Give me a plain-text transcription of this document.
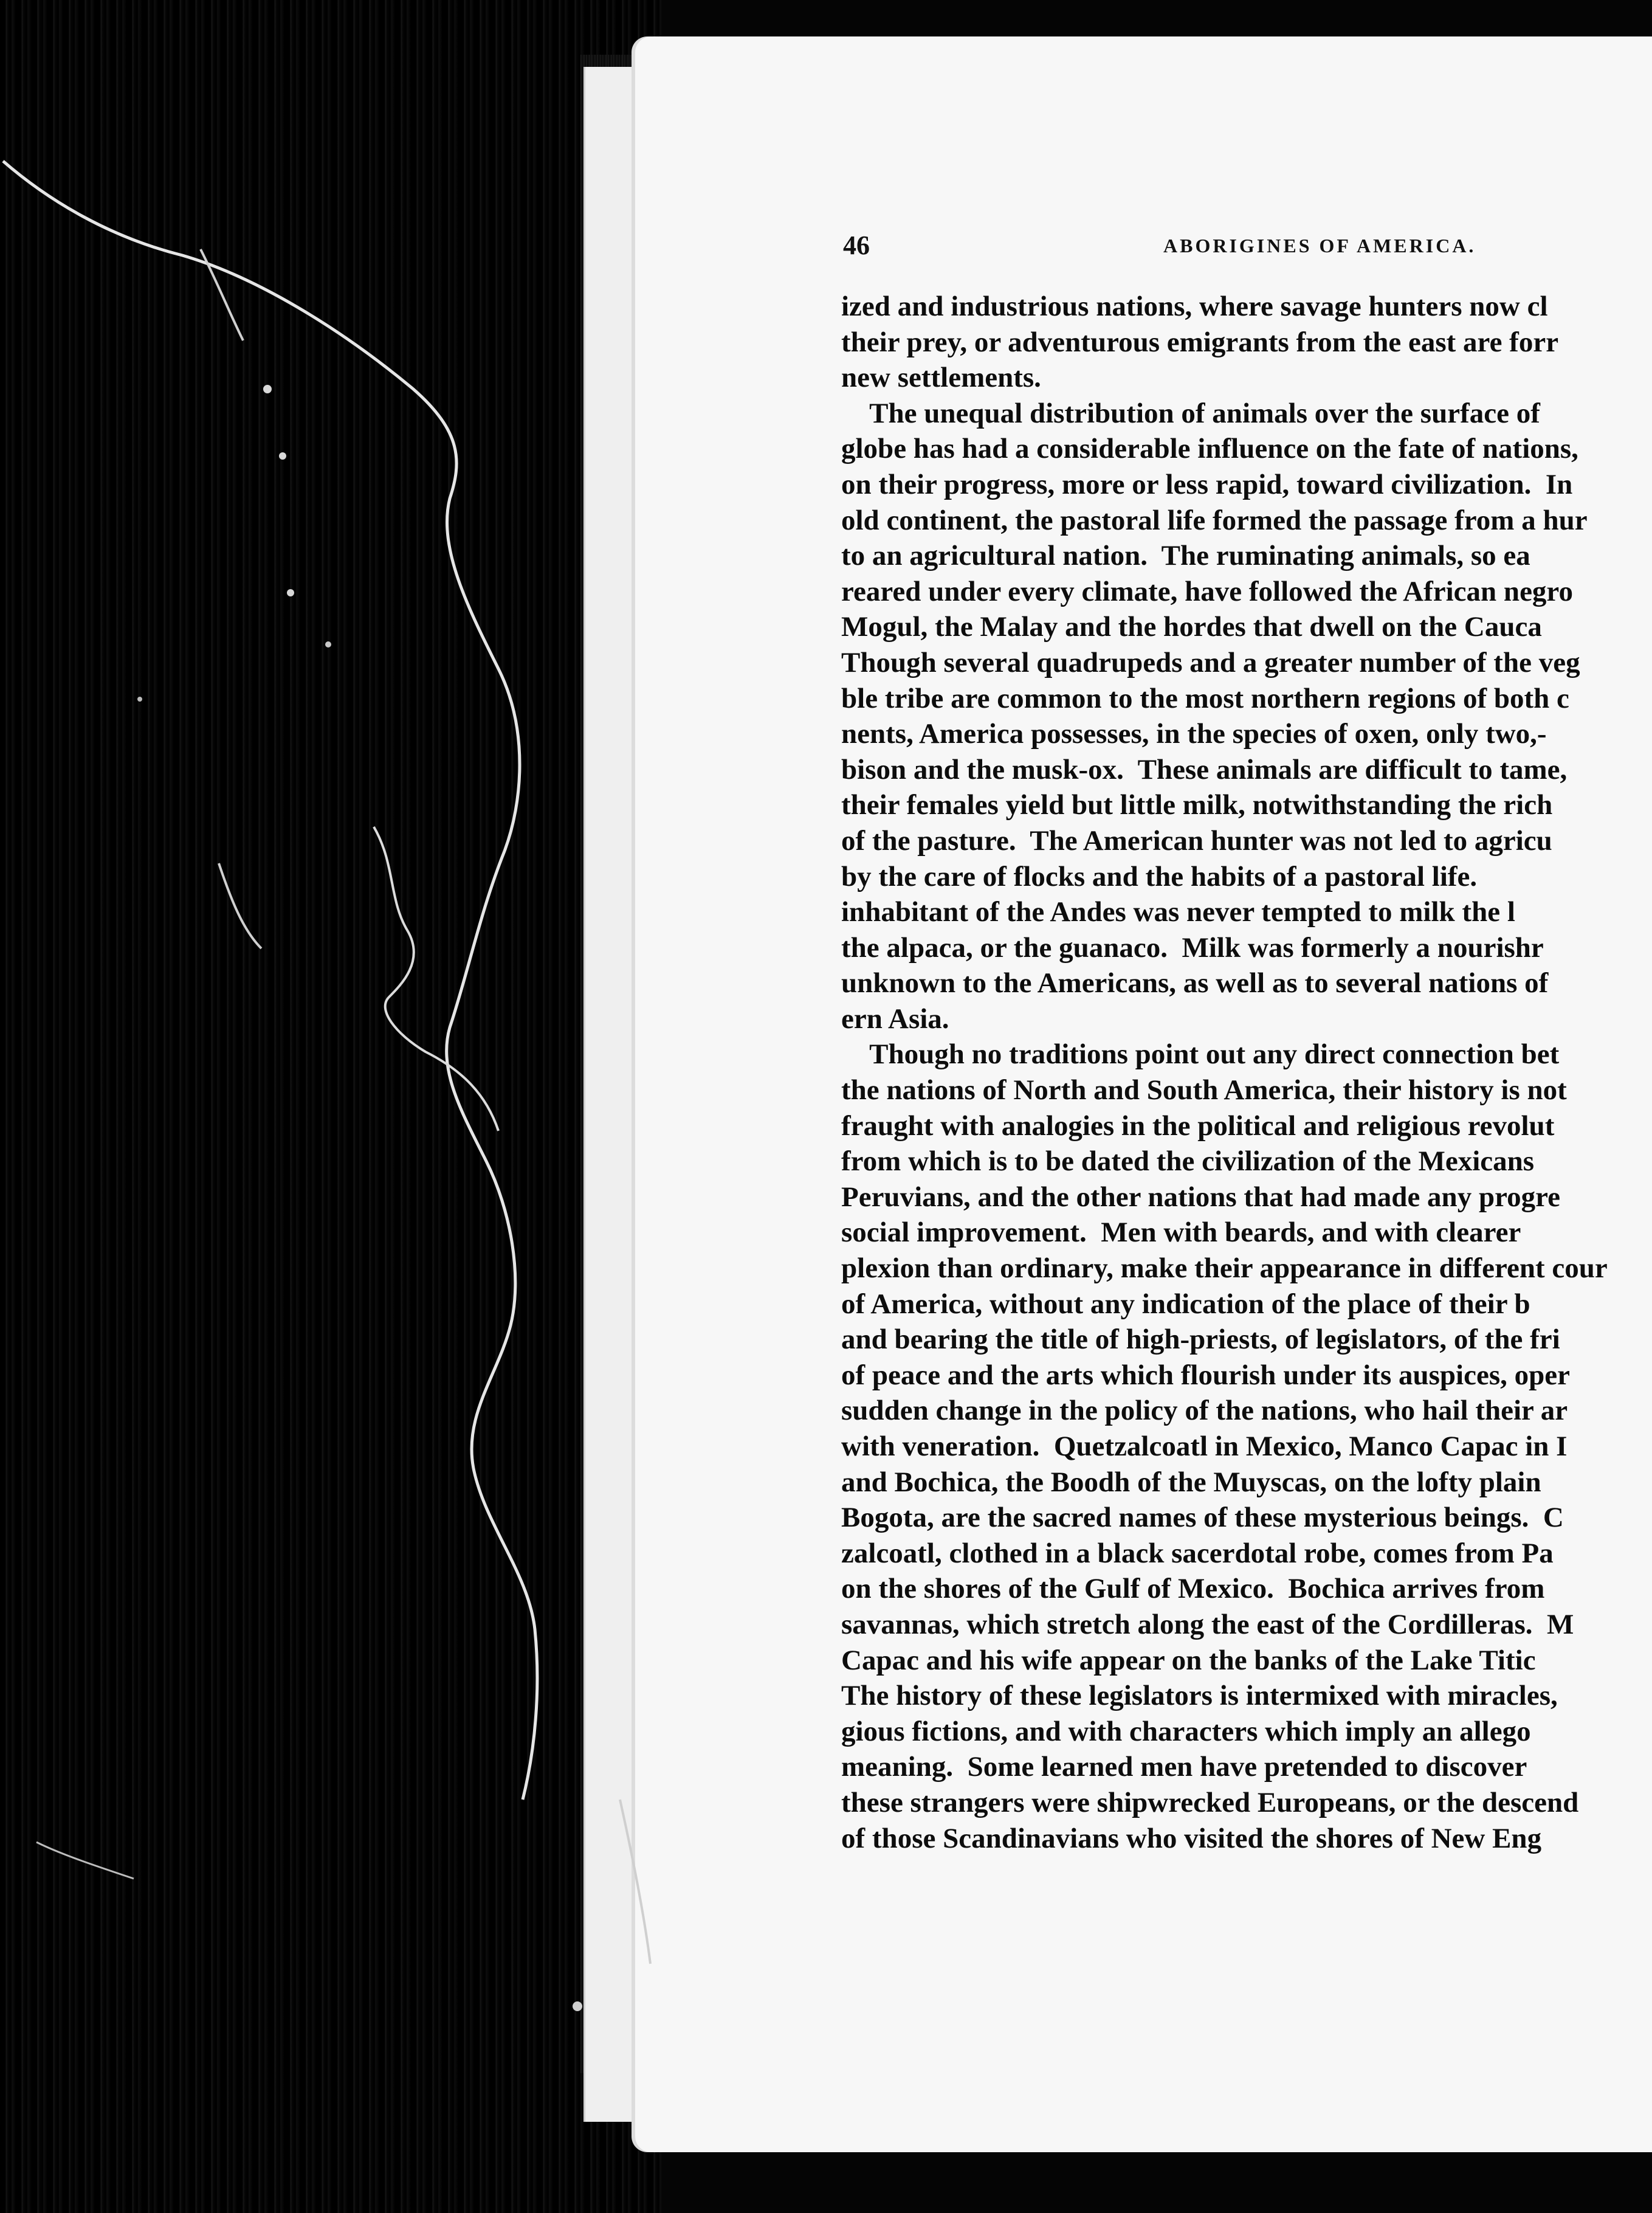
46	ABORIGINES OF AMERICA.
ized and industrious nations, where savage hunters now cl
their prey, or adventurous emigrants from the east are forr
new settlements.
The unequal distribution of animals over the surface of
globe has had a considerable influence on the fate of nations,
on their progress, more or less rapid, toward civilization.  In
old continent, the pastoral life formed the passage from a hur
to an agricultural nation.  The ruminating animals, so ea
reared under every climate, have followed the African negro
Mogul, the Malay and the hordes that dwell on the Cauca
Though several quadrupeds and a greater number of the veg
ble tribe are common to the most northern regions of both c
nents, America possesses, in the species of oxen, only two,-
bison and the musk-ox.  These animals are difficult to tame,
their females yield but little milk, notwithstanding the rich
of the pasture.  The American hunter was not led to agricu
by the care of flocks and the habits of a pastoral life.
inhabitant of the Andes was never tempted to milk the l
the alpaca, or the guanaco.  Milk was formerly a nourishr
unknown to the Americans, as well as to several nations of
ern Asia.
Though no traditions point out any direct connection bet
the nations of North and South America, their history is not
fraught with analogies in the political and religious revolut
from which is to be dated the civilization of the Mexicans
Peruvians, and the other nations that had made any progre
social improvement.  Men with beards, and with clearer
plexion than ordinary, make their appearance in different cour
of America, without any indication of the place of their b
and bearing the title of high-priests, of legislators, of the fri
of peace and the arts which flourish under its auspices, oper
sudden change in the policy of the nations, who hail their ar
with veneration.  Quetzalcoatl in Mexico, Manco Capac in I
and Bochica, the Boodh of the Muyscas, on the lofty plain
Bogota, are the sacred names of these mysterious beings.  C
zalcoatl, clothed in a black sacerdotal robe, comes from Pa
on the shores of the Gulf of Mexico.  Bochica arrives from
savannas, which stretch along the east of the Cordilleras.  M
Capac and his wife appear on the banks of the Lake Titic
The history of these legislators is intermixed with miracles,
gious fictions, and with characters which imply an allego
meaning.  Some learned men have pretended to discover
these strangers were shipwrecked Europeans, or the descend
of those Scandinavians who visited the shores of New Eng
